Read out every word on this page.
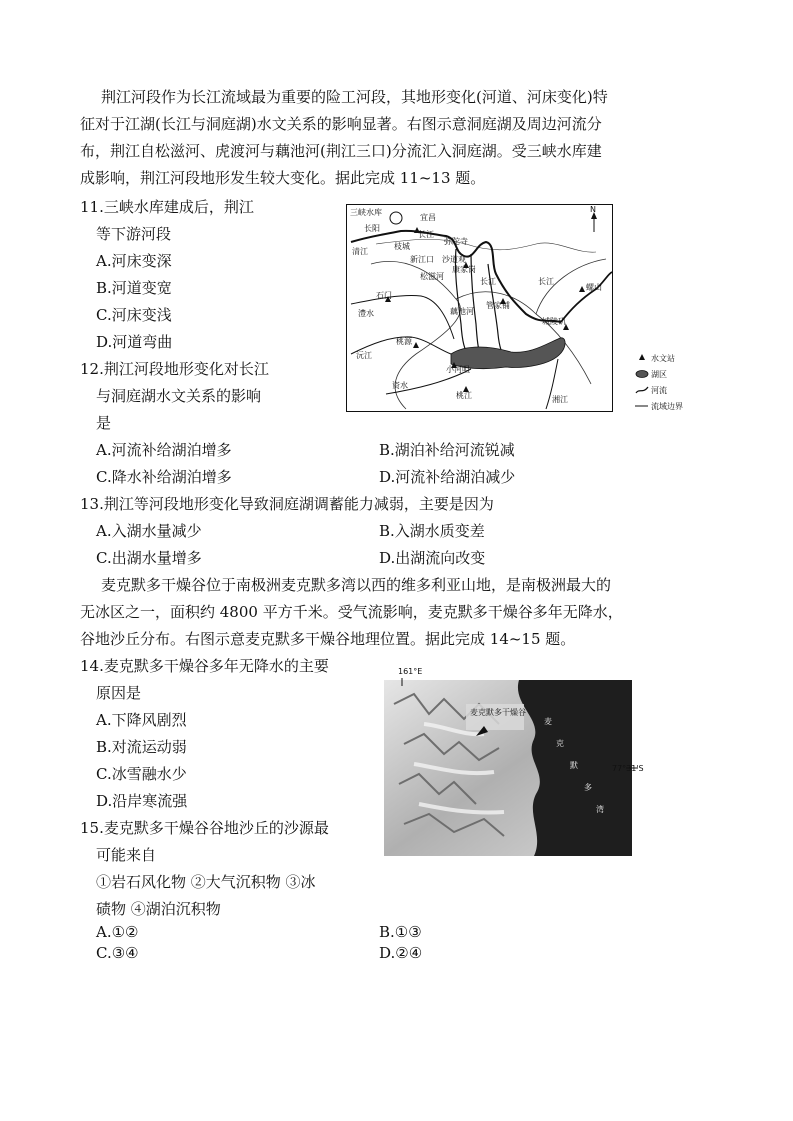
荆江河段作为长江流域最为重要的险工河段，其地形变化(河道、河床变化)特
征对于江湖(长江与洞庭湖)水文关系的影响显著。右图示意洞庭湖及周边河流分
布，荆江自松滋河、虎渡河与藕池河(荆江三口)分流汇入洞庭湖。受三峡水库建
成影响，荆江河段地形发生较大变化。据此完成 11~13 题。
11.三峡水库建成后，荆江
等下游河段
A.河床变深
B.河道变宽
C.河床变浅
D.河道弯曲
12.荆江河段地形变化对长江
与洞庭湖水文关系的影响
是
A.河流补给湖泊增多	B.湖泊补给河流锐减
C.降水补给湖泊增多	D.河流补给湖泊减少
13.荆江等河段地形变化导致洞庭湖调蓄能力减弱，主要是因为
A.入湖水量减少	B.入湖水质变差
C.出湖水量增多	D.出湖流向改变
麦克默多干燥谷位于南极洲麦克默多湾以西的维多利亚山地，是南极洲最大的
无冰区之一，面积约 4800 平方千米。受气流影响，麦克默多干燥谷多年无降水，
谷地沙丘分布。右图示意麦克默多干燥谷地理位置。据此完成 14~15 题。
14.麦克默多干燥谷多年无降水的主要
原因是
A.下降风剧烈
B.对流运动弱
C.冰雪融水少
D.沿岸寒流强
15.麦克默多干燥谷谷地沙丘的沙源最
可能来自
①岩石风化物 ②大气沉积物 ③冰
碛物 ④湖泊沉积物
A.①②	B.①③
C.③④	D.②④
N
三峡水库
宜昌
长阳
长江
枝城
清江
弥陀寺
新江口 沙道观
松滋河
康家岗
长江
管家铺
藕池河
长江
螺山
石门
澧水
桃源
城陵矶
沅江
小河咀
资水
桃江	湘江
水文站
湖区
河流
流域边界
161°E
77°31'S
麦克默多干燥谷
麦
克
默
多
湾
